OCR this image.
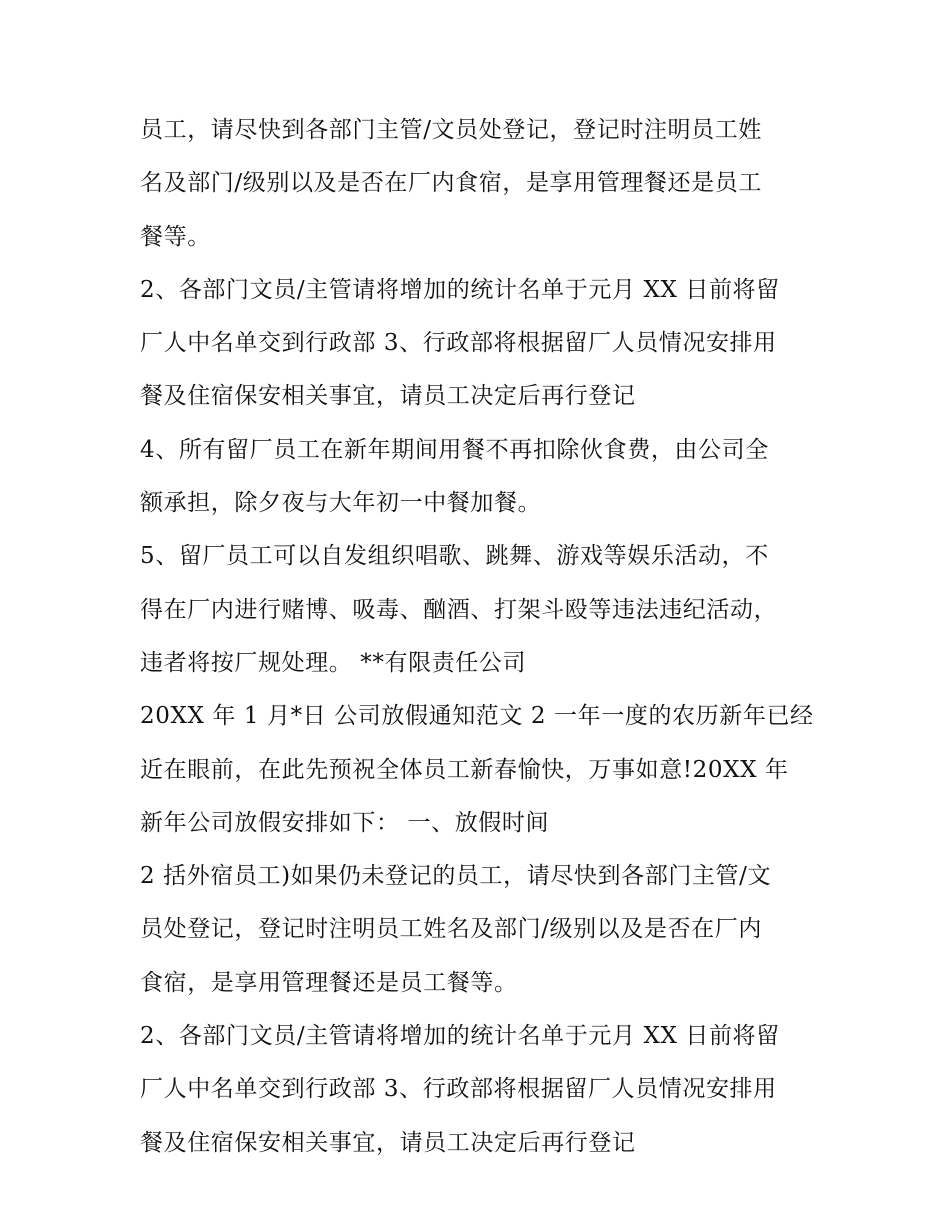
员工，请尽快到各部门主管/文员处登记，登记时注明员工姓
名及部门/级别以及是否在厂内食宿，是享用管理餐还是员工
餐等。
2、各部门文员/主管请将增加的统计名单于元月 XX 日前将留
厂人中名单交到行政部 3、行政部将根据留厂人员情况安排用
餐及住宿保安相关事宜，请员工决定后再行登记
4、所有留厂员工在新年期间用餐不再扣除伙食费，由公司全
额承担，除夕夜与大年初一中餐加餐。
5、留厂员工可以自发组织唱歌、跳舞、游戏等娱乐活动，不
得在厂内进行赌博、吸毒、酗酒、打架斗殴等违法违纪活动，
违者将按厂规处理。 **有限责任公司
20XX 年 1 月*日 公司放假通知范文 2 一年一度的农历新年已经
近在眼前，在此先预祝全体员工新春愉快，万事如意!20XX 年
新年公司放假安排如下： 一、放假时间
2 括外宿员工)如果仍未登记的员工，请尽快到各部门主管/文
员处登记，登记时注明员工姓名及部门/级别以及是否在厂内
食宿，是享用管理餐还是员工餐等。
2、各部门文员/主管请将增加的统计名单于元月 XX 日前将留
厂人中名单交到行政部 3、行政部将根据留厂人员情况安排用
餐及住宿保安相关事宜，请员工决定后再行登记
